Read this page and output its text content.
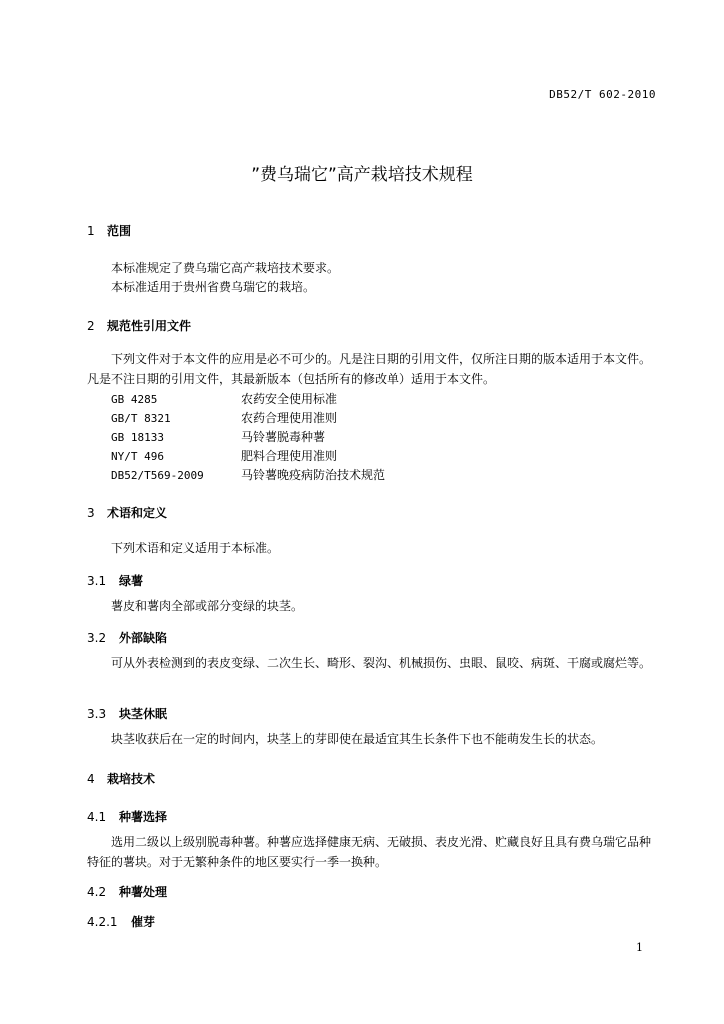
DB52/T 602-2010
”费乌瑞它”高产栽培技术规程
1 范围
本标准规定了费乌瑞它高产栽培技术要求。
本标准适用于贵州省费乌瑞它的栽培。
2 规范性引用文件
下列文件对于本文件的应用是必不可少的。凡是注日期的引用文件，仅所注日期的版本适用于本文件。凡是不注日期的引用文件，其最新版本（包括所有的修改单）适用于本文件。
GB 4285	农药安全使用标准
GB/T 8321	农药合理使用准则
GB 18133	马铃薯脱毒种薯
NY/T 496	肥料合理使用准则
DB52/T569-2009	马铃薯晚疫病防治技术规范
3 术语和定义
下列术语和定义适用于本标准。
3.1 绿薯
薯皮和薯肉全部或部分变绿的块茎。
3.2 外部缺陷
可从外表检测到的表皮变绿、二次生长、畸形、裂沟、机械损伤、虫眼、鼠咬、病斑、干腐或腐烂等。
3.3 块茎休眠
块茎收获后在一定的时间内，块茎上的芽即使在最适宜其生长条件下也不能萌发生长的状态。
4 栽培技术
4.1 种薯选择
选用二级以上级别脱毒种薯。种薯应选择健康无病、无破损、表皮光滑、贮藏良好且具有费乌瑞它品种特征的薯块。对于无繁种条件的地区要实行一季一换种。
4.2 种薯处理
4.2.1 催芽
1
